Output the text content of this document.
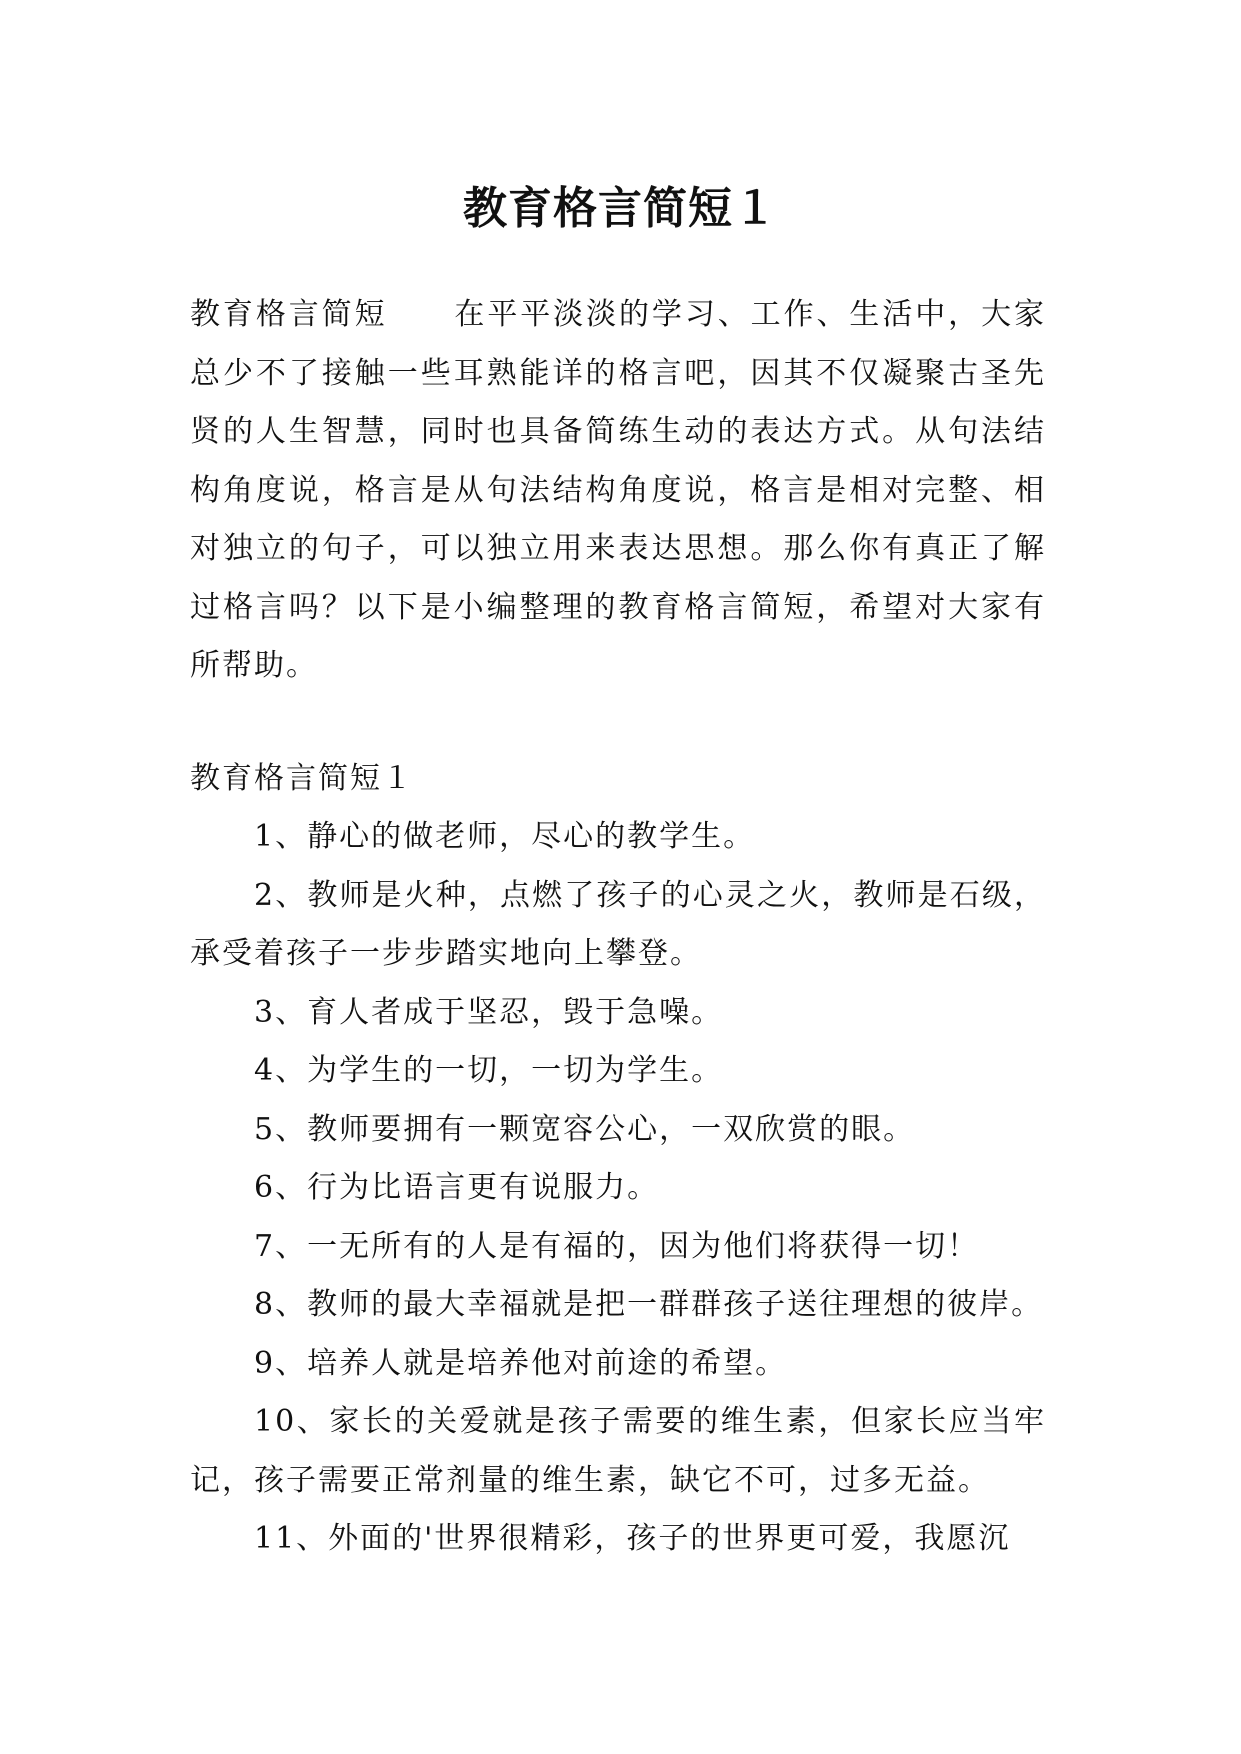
教育格言简短１

教育格言简短 在平平淡淡的学习、工作、生活中，大家总少不了接触一些耳熟能详的格言吧，因其不仅凝聚古圣先贤的人生智慧，同时也具备简练生动的表达方式。从句法结构角度说，格言是从句法结构角度说，格言是相对完整、相对独立的句子，可以独立用来表达思想。那么你有真正了解过格言吗？以下是小编整理的教育格言简短，希望对大家有所帮助。

教育格言简短１

1、静心的做老师，尽心的教学生。

2、教师是火种，点燃了孩子的心灵之火，教师是石级，承受着孩子一步步踏实地向上攀登。

3、育人者成于坚忍，毁于急噪。

4、为学生的一切，一切为学生。

5、教师要拥有一颗宽容公心，一双欣赏的眼。

6、行为比语言更有说服力。

7、一无所有的人是有福的，因为他们将获得一切！

8、教师的最大幸福就是把一群群孩子送往理想的彼岸。

9、培养人就是培养他对前途的希望。

10、家长的关爱就是孩子需要的维生素，但家长应当牢记，孩子需要正常剂量的维生素，缺它不可，过多无益。

11、外面的'世界很精彩，孩子的世界更可爱，我愿沉
